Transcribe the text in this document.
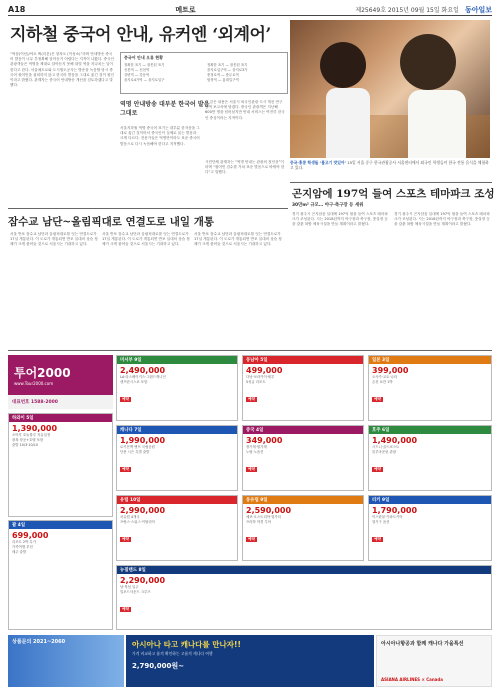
A18	메트로	제25649호 2015년 09월 15일 화요일 동아일보
지하철 중국어 안내, 유커엔 ‘외계어’
“역삼(이선)/야오 쩌(리본)은 청쟈오 (이성소)”라며 안내방송 중국어 발음이 너무 부정확해 알아듣기 어렵다는 지적이 나왔다. 중국인 관광객들은 역명을 제대로 알아듣지 못해 내릴 역을 지나치는 일이 잦다고 한다. 서울메트로와 도시철도공사는 방송을 녹음할 당시 중국어 원어민을 섭외하지 않고 한국어 발음을 그대로 옮긴 것이 원인이라고 밝혔다. 관계자는 중국어 안내방송 개선을 검토하겠다고 말했다.
중국어 안내 오류 현황
정확한 표기 — 잘못된 표기	정확한 표기 — 잘못된 표기
신촌역 — 신천역	을지로입구역 — 을지로3가
강변역 — 강동역	충정로역 — 충무로역
을지로4가역 — 을지로입구	합정역 — 홍대입구역
역명 안내방송 대부분 한국어 발음 그대로
서울지하철 역명 중국어 표기는 대부분 한자음을 그대로 옮긴 것이어서 중국인이 실제로 읽는 발음과 크게 다르다. 전문가들은 역명만이라도 표준 중국어 발음으로 다시 녹음해야 한다고 지적했다.
이 같은 내용은 서울시 외국인관광 도시 개선 연구용역 보고서에 담겼다. 중국인 관광객은 지난해 600만 명을 넘어섰지만 안내 서비스는 여전히 한국인 중심이라는 지적이다.
시민단체 관계자는 “역명 안내는 관광의 첫인상”이라며 “원어민 검수를 거쳐 표준 발음으로 바꿔야 한다”고 말했다.
중국·홍콩 학생들 ‘불고기 맛있어’ 15일 서울 중구 한국관광공사 서울센터에서 외국인 학생들이 한국 전통 음식을 체험하고 있다.
곤지암에 197억 들여 스포츠 테마파크 조성
30만m² 규모… 야구·축구장 등 세워
경기 광주시 곤지암읍 일대에 197억 원을 들여 스포츠 테마파크가 조성된다. 시는 2018년까지 야구장과 축구장, 풋살장 등을 갖춘 복합 체육시설을 만들 계획이라고 밝혔다.
경기 광주시 곤지암읍 일대에 197억 원을 들여 스포츠 테마파크가 조성된다. 시는 2018년까지 야구장과 축구장, 풋살장 등을 갖춘 복합 체육시설을 만들 계획이라고 밝혔다.
잠수교 남단~올림픽대로 연결도로 내일 개통
서울 반포 잠수교 남단과 올림픽대로를 잇는 연결도로가 17일 개통된다. 이 도로가 개통되면 반포 일대의 상습 정체가 크게 줄어들 것으로 서울시는 기대하고 있다.
서울 반포 잠수교 남단과 올림픽대로를 잇는 연결도로가 17일 개통된다. 이 도로가 개통되면 반포 일대의 상습 정체가 크게 줄어들 것으로 서울시는 기대하고 있다.
서울 반포 잠수교 남단과 올림픽대로를 잇는 연결도로가 17일 개통된다. 이 도로가 개통되면 반포 일대의 상습 정체가 크게 줄어들 것으로 서울시는 기대하고 있다.
투어2000
www.Tour2000.com
대표번호 1588-2000
하와이 5일
1,390,000
오아후 호놀룰루 자유일정
왕복 항공+호텔 포함
출발 10/3·10/10
괌 4일
699,000
리조트 2박 특가
가족여행 추천
매주 출발
미서부 9일
2,490,000
LA·라스베이거스·그랜드캐니언
샌프란시스코 포함
예약
동남아 5일
499,000
다낭·보라카이·세부
5성급 리조트
예약
일본 3일
399,000
오사카·교토·나라
온천 료칸 1박
예약
캐나다 7일
1,990,000
로키산맥 밴프 국립공원
단풍 시즌 특별 출발
예약
중국 4일
349,000
장가계·원가계
노팁·노옵션
예약
호주 6일
1,490,000
시드니·골드코스트
블루마운틴 관광
예약
유럽 10일
2,990,000
서유럽 4개국
프랑스·스위스·이탈리아
예약
동유럽 9일
2,590,000
체코·오스트리아·헝가리
프라하 야경 투어
예약
터키 9일
1,790,000
이스탄불·카파도키아
열기구 옵션
예약
뉴질랜드 8일
2,290,000
남·북섬 일주
밀포드사운드 크루즈
예약
상품문의 2021~2060	아시아나 타고 캐나다를 만나자!!
가격 비교하고 품격 확인하는 고품격 캐나다 여행
2,790,000원~
아시아나항공과 함께 캐나다 가을특선
ASIANA AIRLINES × Canada
